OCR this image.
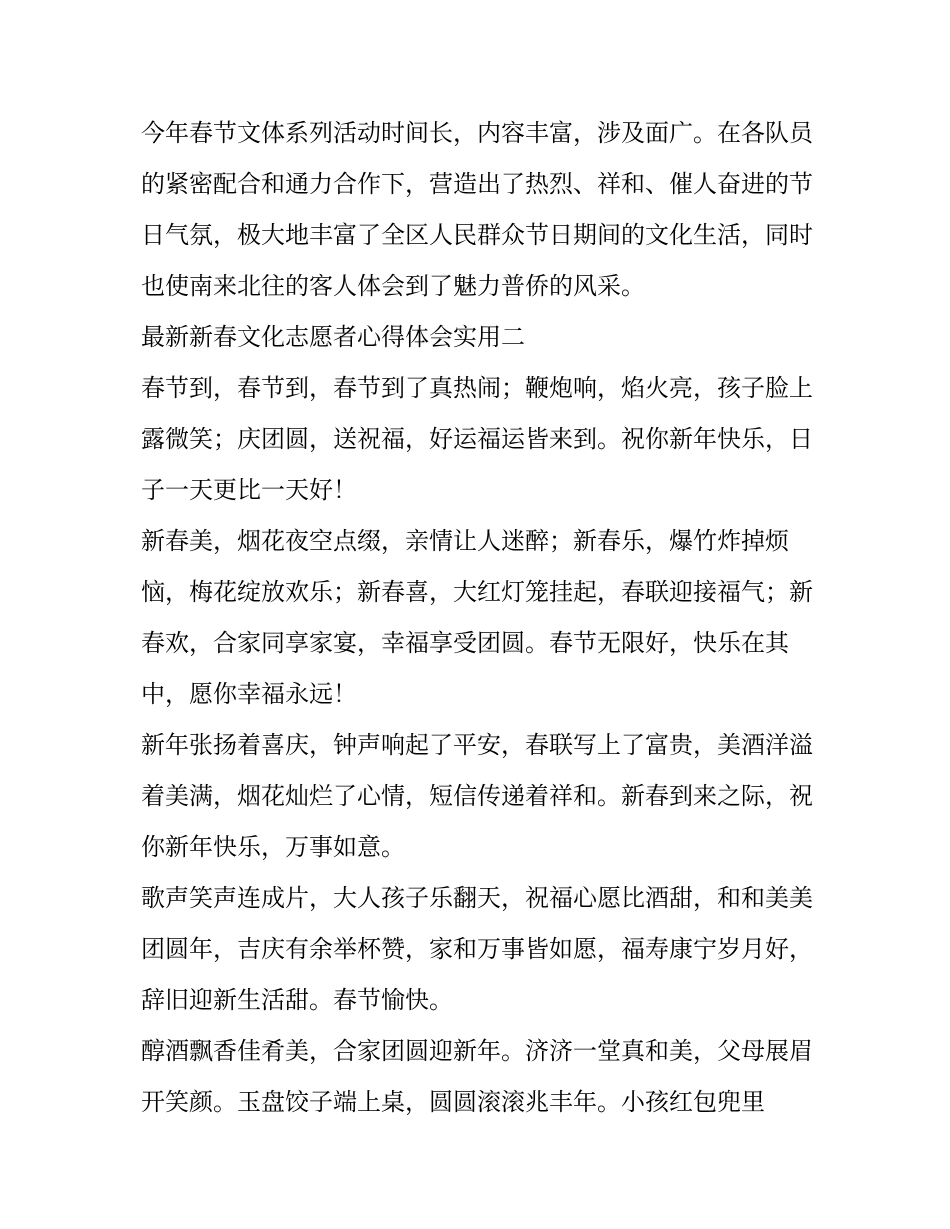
今年春节文体系列活动时间长，内容丰富，涉及面广。在各队员的紧密配合和通力合作下，营造出了热烈、祥和、催人奋进的节日气氛，极大地丰富了全区人民群众节日期间的文化生活，同时也使南来北往的客人体会到了魅力普侨的风采。

最新新春文化志愿者心得体会实用二

春节到，春节到，春节到了真热闹；鞭炮响，焰火亮，孩子脸上露微笑；庆团圆，送祝福，好运福运皆来到。祝你新年快乐，日子一天更比一天好！

新春美，烟花夜空点缀，亲情让人迷醉；新春乐，爆竹炸掉烦恼，梅花绽放欢乐；新春喜，大红灯笼挂起，春联迎接福气；新春欢，合家同享家宴，幸福享受团圆。春节无限好，快乐在其中，愿你幸福永远！

新年张扬着喜庆，钟声响起了平安，春联写上了富贵，美酒洋溢着美满，烟花灿烂了心情，短信传递着祥和。新春到来之际，祝你新年快乐，万事如意。

歌声笑声连成片，大人孩子乐翻天，祝福心愿比酒甜，和和美美团圆年，吉庆有余举杯赞，家和万事皆如愿，福寿康宁岁月好，辞旧迎新生活甜。春节愉快。

醇酒飘香佳肴美，合家团圆迎新年。济济一堂真和美，父母展眉开笑颜。玉盘饺子端上桌，圆圆滚滚兆丰年。小孩红包兜里
